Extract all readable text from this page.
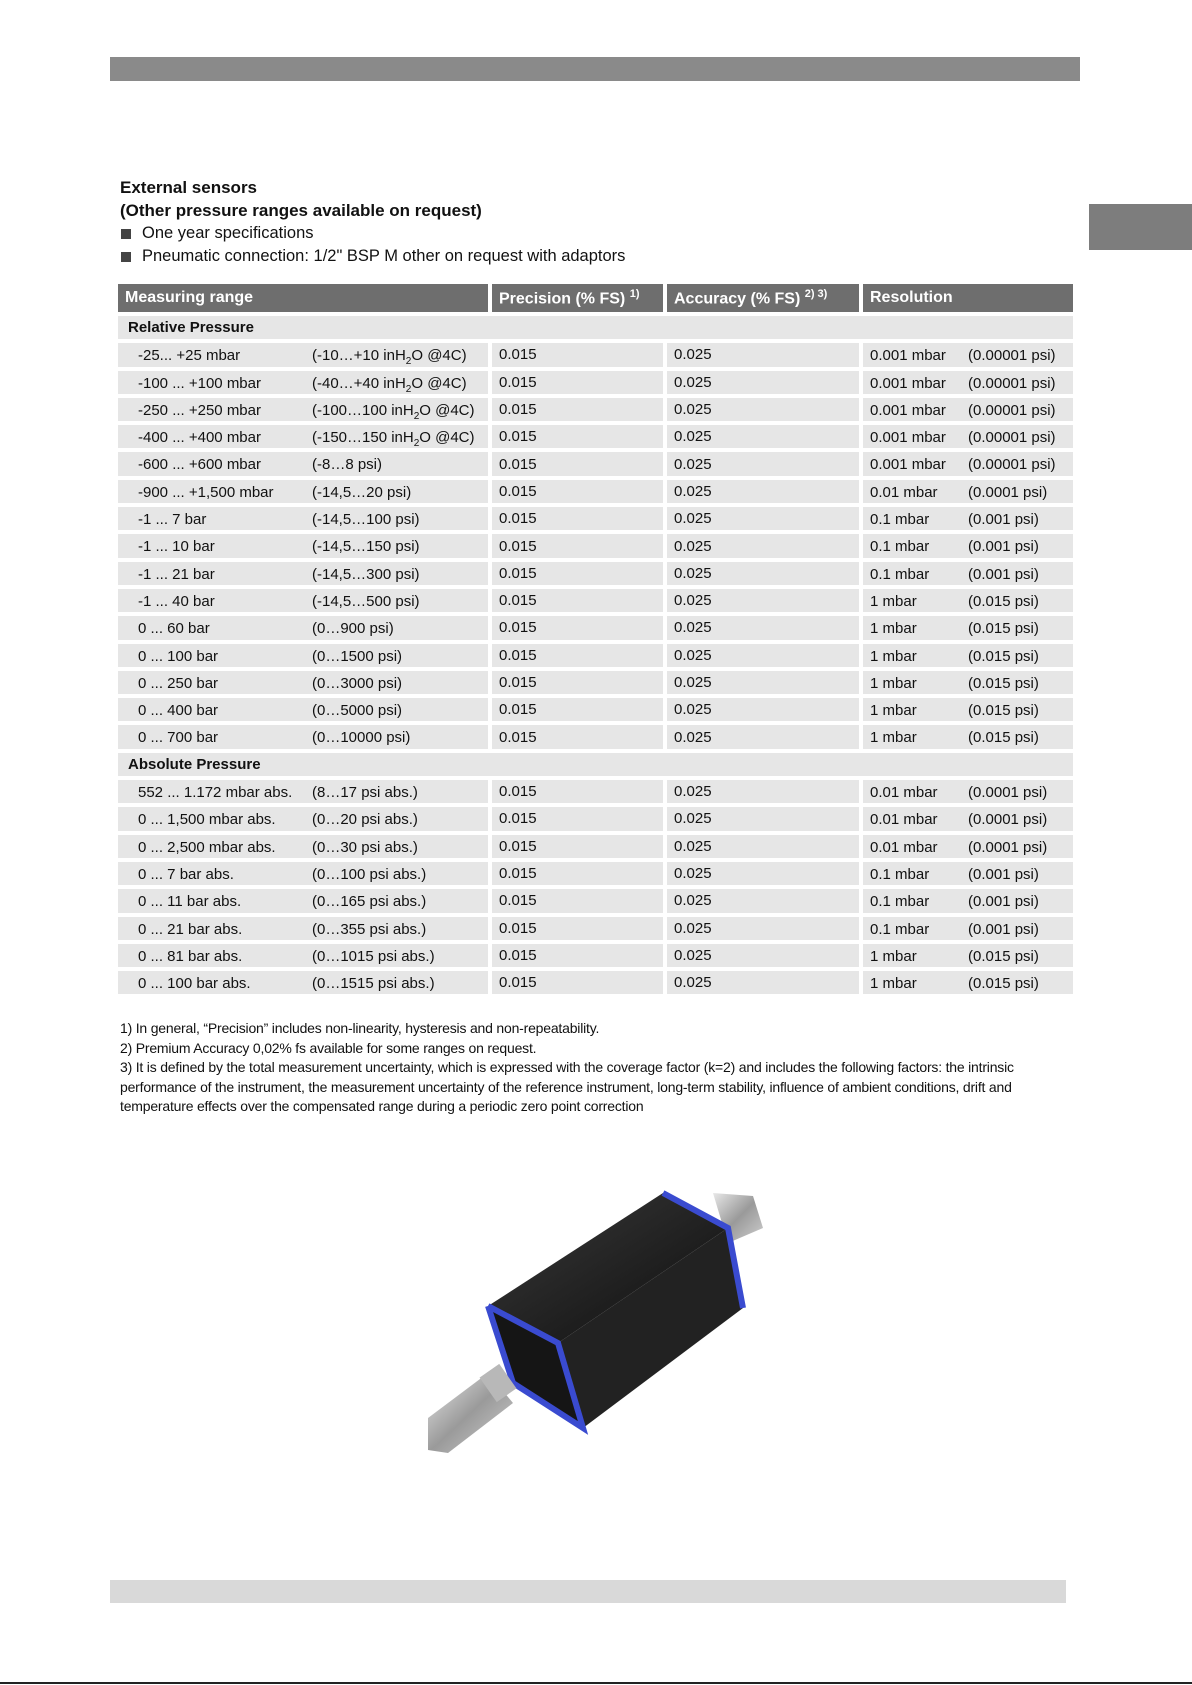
External sensors
(Other pressure ranges available on request)
One year specifications
Pneumatic connection: 1/2" BSP M other on request with adaptors
Measuring range	Precision (% FS) $^{1)}$	Accuracy (% FS) $^{2) 3)}$	Resolution
Relative Pressure			

-25... +25 mbar (-10…+10 inH$_2$O @4C)	0.015	0.025	0.001 mbar (0.00001 psi)

-100 ... +100 mbar (-40…+40 inH$_2$O @4C)	0.015	0.025	0.001 mbar (0.00001 psi)

-250 ... +250 mbar (-100…100 inH$_2$O @4C)	0.015	0.025	0.001 mbar (0.00001 psi)

-400 ... +400 mbar (-150…150 inH$_2$O @4C)	0.015	0.025	0.001 mbar (0.00001 psi)

-600 ... +600 mbar (-8…8 psi)	0.015	0.025	0.001 mbar (0.00001 psi)

-900 ... +1,500 mbar (-14,5…20 psi)	0.015	0.025	0.01 mbar (0.0001 psi)

-1 ... 7 bar (-14,5…100 psi)	0.015	0.025	0.1 mbar (0.001 psi)

-1 ... 10 bar (-14,5…150 psi)	0.015	0.025	0.1 mbar (0.001 psi)

-1 ... 21 bar (-14,5…300 psi)	0.015	0.025	0.1 mbar (0.001 psi)

-1 ... 40 bar (-14,5…500 psi)	0.015	0.025	1 mbar (0.015 psi)

0 ... 60 bar (0…900 psi)	0.015	0.025	1 mbar (0.015 psi)

0 ... 100 bar (0…1500 psi)	0.015	0.025	1 mbar (0.015 psi)

0 ... 250 bar (0…3000 psi)	0.015	0.025	1 mbar (0.015 psi)

0 ... 400 bar (0…5000 psi)	0.015	0.025	1 mbar (0.015 psi)

0 ... 700 bar (0…10000 psi)	0.015	0.025	1 mbar (0.015 psi)

Absolute Pressure			

552 ... 1.172 mbar abs. (8…17 psi abs.)	0.015	0.025	0.01 mbar (0.0001 psi)

0 ... 1,500 mbar abs. (0…20 psi abs.)	0.015	0.025	0.01 mbar (0.0001 psi)

0 ... 2,500 mbar abs. (0…30 psi abs.)	0.015	0.025	0.01 mbar (0.0001 psi)

0 ... 7 bar abs. (0…100 psi abs.)	0.015	0.025	0.1 mbar (0.001 psi)

0 ... 11 bar abs. (0…165 psi abs.)	0.015	0.025	0.1 mbar (0.001 psi)

0 ... 21 bar abs. (0…355 psi abs.)	0.015	0.025	0.1 mbar (0.001 psi)

0 ... 81 bar abs. (0…1015 psi abs.)	0.015	0.025	1 mbar (0.015 psi)

0 ... 100 bar abs. (0…1515 psi abs.)	0.015	0.025	1 mbar (0.015 psi)
1) In general, “Precision” includes non-linearity, hysteresis and non-repeatability.
2) Premium Accuracy 0,02% fs available for some ranges on request.
3) It is defined by the total measurement uncertainty, which is expressed with the coverage factor (k=2) and includes the following factors: the intrinsic performance of the instrument, the measurement uncertainty of the reference instrument, long-term stability, influence of ambient conditions, drift and temperature effects over the compensated range during a periodic zero point correction
